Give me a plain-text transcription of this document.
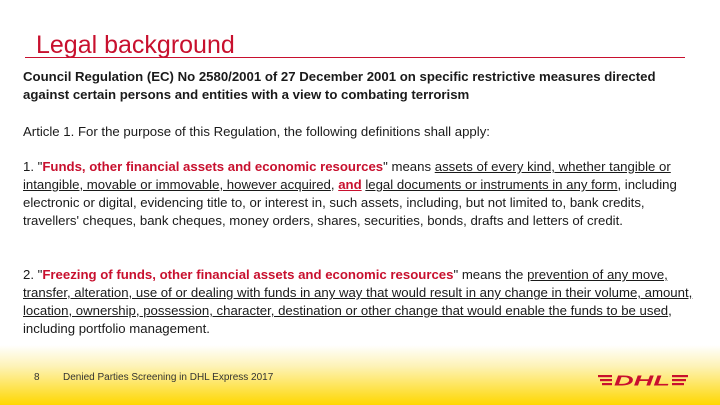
Legal background

Council Regulation (EC) No 2580/2001 of 27 December 2001 on specific restrictive measures directed against certain persons and entities with a view to combating terrorism

Article 1. For the purpose of this Regulation, the following definitions shall apply:

1. "Funds, other financial assets and economic resources" means assets of every kind, whether tangible or intangible, movable or immovable, however acquired, and legal documents or instruments in any form, including electronic or digital, evidencing title to, or interest in, such assets, including, but not limited to, bank credits, travellers' cheques, bank cheques, money orders, shares, securities, bonds, drafts and letters of credit.

2. "Freezing of funds, other financial assets and economic resources" means the prevention of any move, transfer, alteration, use of or dealing with funds in any way that would result in any change in their volume, amount, location, ownership, possession, character, destination or other change that would enable the funds to be used, including portfolio management.

8 Denied Parties Screening in DHL Express 2017	DHL
